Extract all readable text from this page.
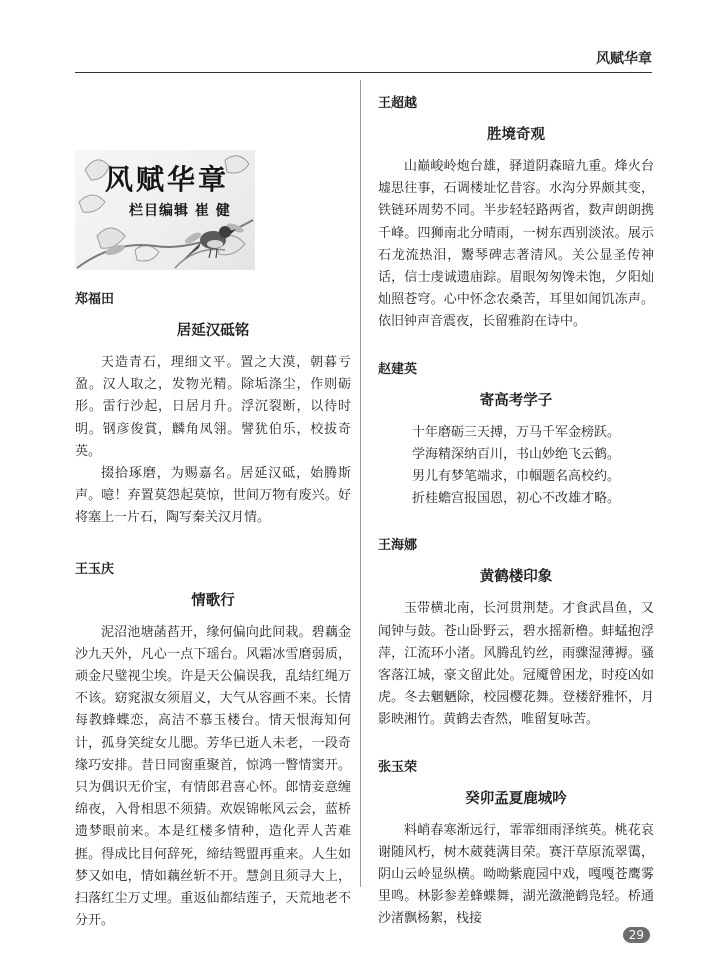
风赋华章
风赋华章
栏目编辑 崔 健
郑福田
居延汉砥铭

天造青石，理细文平。置之大漠，朝暮亏盈。汉人取之，发物光精。除垢涤尘，作则砺形。雷行沙起，日居月升。浮沉裂断，以待时明。钢彦俊賞，麟角凤翎。譬犹伯乐，校拔奇英。

掇拾琢磨，为赐嘉名。居延汉砥，始腾斯声。噫！弃置莫怨起莫惊，世间万物有废兴。好将塞上一片石，陶写秦关汉月情。

王玉庆
情歌行

泥沼池塘菡萏开，缘何偏向此间栽。碧藕金沙九天外，凡心一点下瑶台。风霜冰雪磨弱质，顽金尺璧视尘埃。许是天公偏误我，乱结红绳万不该。窈窕淑女须眉义，大气从容画不来。长情每教蜂蝶恋，高洁不慕玉楼台。情天恨海知何计，孤身笑绽女儿腮。芳华已逝人未老，一段奇缘巧安排。昔日同窗重聚首，惊鸿一瞥情窦开。只为偶识无价宝，有情郎君喜心怀。郎情妾意缠绵夜，入骨相思不须猜。欢娱锦帐风云会，蓝桥遗梦眼前来。本是红楼多情种，造化弄人苦难捱。得成比目何辞死，缔结鸳盟再重来。人生如梦又如电，情如藕丝斩不开。慧剑且须寻大上，扫落红尘万丈埋。重返仙都结莲子，天荒地老不分开。

王超越
胜境奇观

山巅峻岭炮台雄，驿道阴森暗九重。烽火台墟思往事，石调楼址忆昔容。水沟分界颇其变，铁链环周势不同。半步轻轻路两省，数声朗朗携千峰。四狮南北分晴雨，一树东西别淡浓。展示石龙流热泪，鬻琴碑志著清风。关公显圣传神话，信士虔诚遗庙踪。眉眼匆匆馋未饱，夕阳灿灿照苍穹。心中怀念农桑苦，耳里如闻饥冻声。依旧钟声音震夜，长留雅韵在诗中。

赵建英
寄高考学子
十年磨砺三天搏，万马千军金榜跃。
学海精深纳百川，书山妙绝飞云鹤。
男儿有梦笔端求，巾帼题名高校约。
折桂蟾宫报国恩，初心不改雄才略。
王海娜
黄鹤楼印象

玉带横北南，长河贯荆楚。才食武昌鱼，又闻钟与鼓。苍山卧野云，碧水摇新橹。蚌蜢抱浮萍，江流环小渚。风腾乱钓丝，雨骤湿薄褥。骚客落江城，豪文留此处。冠魇曾困龙，时疫凶如虎。冬去魍魉除，校园樱花舞。登楼舒雅怀，月影映湘竹。黄鹤去杳然，唯留复咏苦。

张玉荣
癸卯孟夏鹿城吟

料峭春寒渐远行，霏霏细雨泽缤英。桃花哀谢随风朽，树木葳蕤满目荣。赛汗草原流翠霭，阴山云岭显纵横。呦呦紫鹿园中戏，嘎嘎苍鹰雾里鸣。林影参差蜂蝶舞，湖光潋滟鹤凫轻。桥通沙渚飘杨絮，栈接

29
